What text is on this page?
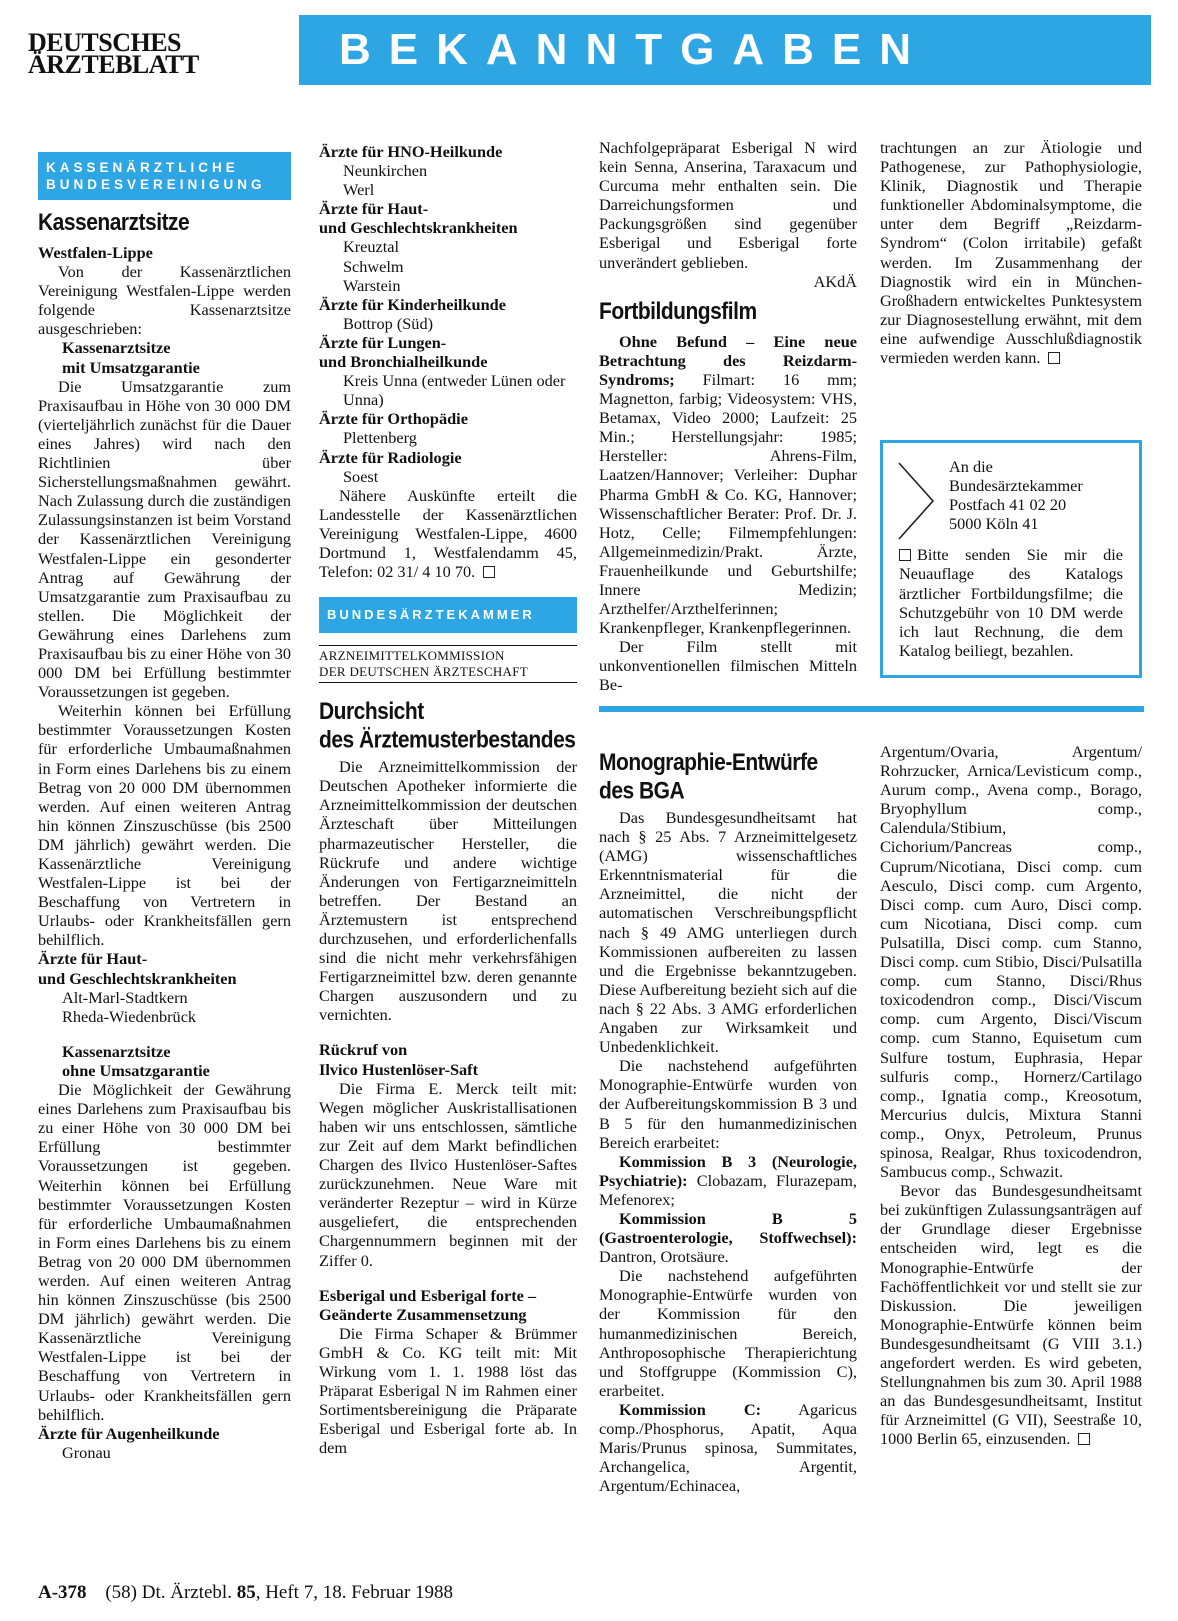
DEUTSCHES
ÄRZTEBLATT	BEKANNTGABEN
KASSENÄRZTLICHE
BUNDESVEREINIGUNG
Kassenarztsitze

Westfalen-Lippe

Von der Kassenärztlichen Vereinigung Westfalen-Lippe werden folgende Kassenarztsitze ausgeschrieben:

Kassenarztsitze

mit Umsatzgarantie

Die Umsatzgarantie zum Praxisaufbau in Höhe von 30 000 DM (vierteljährlich zunächst für die Dauer eines Jahres) wird nach den Richtlinien über Sicherstellungsmaßnahmen gewährt. Nach Zulassung durch die zuständigen Zulassungsinstanzen ist beim Vorstand der Kassenärztlichen Vereinigung Westfalen-Lippe ein gesonderter Antrag auf Gewährung der Umsatzgarantie zum Praxisaufbau zu stellen. Die Möglichkeit der Gewährung eines Darlehens zum Praxisaufbau bis zu einer Höhe von 30 000 DM bei Erfüllung bestimmter Voraussetzungen ist gegeben.

Weiterhin können bei Erfüllung bestimmter Voraussetzungen Kosten für erforderliche Umbaumaßnahmen in Form eines Darlehens bis zu einem Betrag von 20 000 DM übernommen werden. Auf einen weiteren Antrag hin können Zinszuschüsse (bis 2500 DM jährlich) gewährt werden. Die Kassenärztliche Vereinigung Westfalen-Lippe ist bei der Beschaffung von Vertretern in Urlaubs- oder Krankheitsfällen gern behilflich.

Ärzte für Haut-

und Geschlechtskrankheiten

Alt-Marl-Stadtkern

Rheda-Wiedenbrück

Kassenarztsitze

ohne Umsatzgarantie

Die Möglichkeit der Gewährung eines Darlehens zum Praxisaufbau bis zu einer Höhe von 30 000 DM bei Erfüllung bestimmter Voraussetzungen ist gegeben. Weiterhin können bei Erfüllung bestimmter Voraussetzungen Kosten für erforderliche Umbaumaßnahmen in Form eines Darlehens bis zu einem Betrag von 20 000 DM übernommen werden. Auf einen weiteren Antrag hin können Zinszuschüsse (bis 2500 DM jährlich) gewährt werden. Die Kassenärztliche Vereinigung Westfalen-Lippe ist bei der Beschaffung von Vertretern in Urlaubs- oder Krankheitsfällen gern behilflich.

Ärzte für Augenheilkunde

Gronau

Ärzte für HNO-Heilkunde

Neunkirchen

Werl

Ärzte für Haut-

und Geschlechtskrankheiten

Kreuztal

Schwelm

Warstein

Ärzte für Kinderheilkunde

Bottrop (Süd)

Ärzte für Lungen-

und Bronchialheilkunde

Kreis Unna (entweder Lünen oder Unna)

Ärzte für Orthopädie

Plettenberg

Ärzte für Radiologie

Soest

Nähere Auskünfte erteilt die Landesstelle der Kassenärztlichen Vereinigung Westfalen-Lippe, 4600 Dortmund 1, Westfalendamm 45, Telefon: 02 31/ 4 10 70.

BUNDESÄRZTEKAMMER
ARZNEIMITTELKOMMISSION
DER DEUTSCHEN ÄRZTESCHAFT
Durchsicht
des Ärztemusterbestandes

Die Arzneimittelkommission der Deutschen Apotheker informierte die Arzneimittelkommission der deutschen Ärzteschaft über Mitteilungen pharmazeutischer Hersteller, die Rückrufe und andere wichtige Änderungen von Fertigarzneimitteln betreffen. Der Bestand an Ärztemustern ist entsprechend durchzusehen, und erforderlichenfalls sind die nicht mehr verkehrsfähigen Fertigarzneimittel bzw. deren genannte Chargen auszusondern und zu vernichten.

Rückruf von

Ilvico Hustenlöser-Saft

Die Firma E. Merck teilt mit: Wegen möglicher Auskristallisationen haben wir uns entschlossen, sämtliche zur Zeit auf dem Markt befindlichen Chargen des Ilvico Hustenlöser-Saftes zurückzunehmen. Neue Ware mit veränderter Rezeptur – wird in Kürze ausgeliefert, die entsprechenden Chargennummern beginnen mit der Ziffer 0.

Esberigal und Esberigal forte –

Geänderte Zusammensetzung

Die Firma Schaper & Brümmer GmbH & Co. KG teilt mit: Mit Wirkung vom 1. 1. 1988 löst das Präparat Esberigal N im Rahmen einer Sortimentsbereinigung die Präparate Esberigal und Esberigal forte ab. In dem

Nachfolgepräparat Esberigal N wird kein Senna, Anserina, Taraxacum und Curcuma mehr enthalten sein. Die Darreichungsformen und Packungsgrößen sind gegenüber Esberigal und Esberigal forte unverändert geblieben.

AKdÄ

Fortbildungsfilm

Ohne Befund – Eine neue Betrachtung des Reizdarm-Syndroms; Filmart: 16 mm; Magnetton, farbig; Videosystem: VHS, Betamax, Video 2000; Laufzeit: 25 Min.; Herstellungsjahr: 1985; Hersteller: Ahrens-Film, Laatzen/Hannover; Verleiher: Duphar Pharma GmbH & Co. KG, Hannover; Wissenschaftlicher Berater: Prof. Dr. J. Hotz, Celle; Filmempfehlungen: Allgemeinmedizin/Prakt. Ärzte, Frauenheilkunde und Geburtshilfe; Innere Medizin; Arzthelfer/Arzthelferinnen; Krankenpfleger, Krankenpflegerinnen.

Der Film stellt mit unkonventionellen filmischen Mitteln Be-

trachtungen an zur Ätiologie und Pathogenese, zur Pathophysiologie, Klinik, Diagnostik und Therapie funktioneller Abdominalsymptome, die unter dem Begriff „Reizdarm-Syndrom“ (Colon irritabile) gefaßt werden. Im Zusammenhang der Diagnostik wird ein in München-Großhadern entwickeltes Punktesystem zur Diagnosestellung erwähnt, mit dem eine aufwendige Ausschlußdiagnostik vermieden werden kann.

An die
Bundesärztekammer
Postfach 41 02 20
5000 Köln 41

Bitte senden Sie mir die Neuauflage des Katalogs ärztlicher Fortbildungsfilme; die Schutzgebühr von 10 DM werde ich laut Rechnung, die dem Katalog beiliegt, bezahlen.

Monographie-Entwürfe
des BGA

Das Bundesgesundheitsamt hat nach § 25 Abs. 7 Arzneimittelgesetz (AMG) wissenschaftliches Erkenntnismaterial für die Arzneimittel, die nicht der automatischen Verschreibungspflicht nach § 49 AMG unterliegen durch Kommissionen aufbereiten zu lassen und die Ergebnisse bekanntzugeben. Diese Aufbereitung bezieht sich auf die nach § 22 Abs. 3 AMG erforderlichen Angaben zur Wirksamkeit und Unbedenklichkeit.

Die nachstehend aufgeführten Monographie-Entwürfe wurden von der Aufbereitungskommission B 3 und B 5 für den humanmedizinischen Bereich erarbeitet:

Kommission B 3 (Neurologie, Psychiatrie): Clobazam, Flurazepam, Mefenorex;

Kommission B 5 (Gastroenterologie, Stoffwechsel): Dantron, Orotsäure.

Die nachstehend aufgeführten Monographie-Entwürfe wurden von der Kommission für den humanmedizinischen Bereich, Anthroposophische Therapierichtung und Stoffgruppe (Kommission C), erarbeitet.

Kommission C: Agaricus comp./Phosphorus, Apatit, Aqua Maris/Prunus spinosa, Summitates, Archangelica, Argentit, Argentum/Echinacea,

Argentum/Ovaria, Argentum/ Rohrzucker, Arnica/Levisticum comp., Aurum comp., Avena comp., Borago, Bryophyllum comp., Calendula/Stibium, Cichorium/Pancreas comp., Cuprum/Nicotiana, Disci comp. cum Aesculo, Disci comp. cum Argento, Disci comp. cum Auro, Disci comp. cum Nicotiana, Disci comp. cum Pulsatilla, Disci comp. cum Stanno, Disci comp. cum Stibio, Disci/Pulsatilla comp. cum Stanno, Disci/Rhus toxicodendron comp., Disci/Viscum comp. cum Argento, Disci/Viscum comp. cum Stanno, Equisetum cum Sulfure tostum, Euphrasia, Hepar sulfuris comp., Hornerz/Cartilago comp., Ignatia comp., Kreosotum, Mercurius dulcis, Mixtura Stanni comp., Onyx, Petroleum, Prunus spinosa, Realgar, Rhus toxicodendron, Sambucus comp., Schwazit.

Bevor das Bundesgesundheitsamt bei zukünftigen Zulassungsanträgen auf der Grundlage dieser Ergebnisse entscheiden wird, legt es die Monographie-Entwürfe der Fachöffentlichkeit vor und stellt sie zur Diskussion. Die jeweiligen Monographie-Entwürfe können beim Bundesgesundheitsamt (G VIII 3.1.) angefordert werden. Es wird gebeten, Stellungnahmen bis zum 30. April 1988 an das Bundesgesundheitsamt, Institut für Arzneimittel (G VII), Seestraße 10, 1000 Berlin 65, einzusenden.

A-378 (58) Dt. Ärztebl. 85, Heft 7, 18. Februar 1988
